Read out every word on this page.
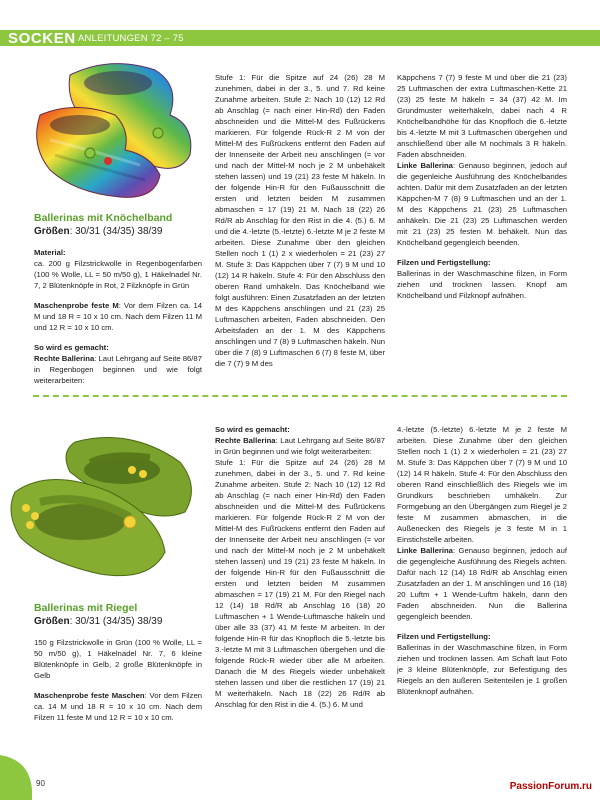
SOCKEN ANLEITUNGEN 72 – 75

Ballerinas mit Knöchelband

Größen: 30/31 (34/35) 38/39

Material:

ca. 200 g Filzstrickwolle in Regenbogenfarben (100 % Wolle, LL = 50 m/50 g), 1 Häkelnadel Nr. 7, 2 Blütenknöpfe in Rot, 2 Filzknöpfe in Grün

Maschenprobe feste M: Vor dem Filzen ca. 14 M und 18 R = 10 x 10 cm. Nach dem Filzen 11 M und 12 R = 10 x 10 cm.

So wird es gemacht:

Rechte Ballerina: Laut Lehrgang auf Seite 86/87 in Regenbogen beginnen und wie folgt weiterarbeiten:

Stufe 1: Für die Spitze auf 24 (26) 28 M zunehmen, dabei in der 3., 5. und 7. Rd keine Zunahme arbeiten. Stufe 2: Nach 10 (12) 12 Rd ab Anschlag (= nach einer Hin-Rd) den Faden abschneiden und die Mittel-M des Fußrückens markieren. Für folgende Rück-R 2 M von der Mittel-M des Fußrückens entfernt den Faden auf der Innenseite der Arbeit neu anschlingen (= vor und nach der Mittel-M noch je 2 M unbehäkelt stehen lassen) und 19 (21) 23 feste M häkeln. In der folgende Hin-R für den Fußausschnitt die ersten und letzten beiden M zusammen abmaschen = 17 (19) 21 M. Nach 18 (22) 26 Rd/R ab Anschlag für den Rist in die 4. (5.) 6. M und die 4.-letzte (5.-letzte) 6.-letzte M je 2 feste M arbeiten. Diese Zunahme über den gleichen Stellen noch 1 (1) 2 x wiederholen = 21 (23) 27 M. Stufe 3: Das Käppchen über 7 (7) 9 M und 10 (12) 14 R häkeln. Stufe 4: Für den Abschluss den oberen Rand umhäkeln. Das Knöchelband wie folgt ausführen: Einen Zusatzfaden an der letzten M des Käppchens anschlingen und 21 (23) 25 Luftmaschen arbeiten, Faden abschneiden. Den Arbeitsfaden an der 1. M des Käppchens anschlingen und 7 (8) 9 Luftmaschen häkeln. Nun über die 7 (8) 9 Luftmaschen 6 (7) 8 feste M, über die 7 (7) 9 M des

Käppchens 7 (7) 9 feste M und über die 21 (23) 25 Luftmaschen der extra Luftmaschen-Kette 21 (23) 25 feste M häkeln = 34 (37) 42 M. Im Grundmuster weiterhäkeln, dabei nach 4 R Knöchelbandhöhe für das Knopfloch die 6.-letzte bis 4.-letzte M mit 3 Luftmaschen übergehen und anschließend über alle M nochmals 3 R häkeln. Faden abschneiden.

Linke Ballerina: Genauso beginnen, jedoch auf die gegenleiche Ausführung des Knöchelbandes achten. Dafür mit dem Zusatzfaden an der letzten Käppchen-M 7 (8) 9 Luftmaschen und an der 1. M des Käppchens 21 (23) 25 Luftmaschen anhäkeln. Die 21 (23) 25 Luftmaschen werden mit 21 (23) 25 festen M behäkelt. Nun das Knöchelband gegengleich beenden.

Filzen und Fertigstellung:

Ballerinas in der Waschmaschine filzen, in Form ziehen und trocknen lassen. Knopf am Knöchelband und Filzknopf aufnähen.

Ballerinas mit Riegel

Größen: 30/31 (34/35) 38/39

150 g Filzstrickwolle in Grün (100 % Wolle, LL = 50 m/50 g), 1 Häkelnadel Nr. 7, 6 kleine Blütenknöpfe in Gelb, 2 große Blütenknöpfe in Gelb

Maschenprobe feste Maschen: Vor dem Filzen ca. 14 M und 18 R = 10 x 10 cm. Nach dem Filzen 11 feste M und 12 R = 10 x 10 cm.

So wird es gemacht:

Rechte Ballerina: Laut Lehrgang auf Seite 86/87 in Grün beginnen und wie folgt weiterarbeiten:

Stufe 1: Für die Spitze auf 24 (26) 28 M zunehmen, dabei in der 3., 5. und 7. Rd keine Zunahme arbeiten. Stufe 2: Nach 10 (12) 12 Rd ab Anschlag (= nach einer Hin-Rd) den Faden abschneiden und die Mittel-M des Fußrückens markieren. Für folgende Rück-R 2 M von der Mittel-M des Fußrückens entfernt den Faden auf der Innenseite der Arbeit neu anschlingen (= vor und nach der Mittel-M noch je 2 M unbehäkelt stehen lassen) und 19 (21) 23 feste M häkeln. In der folgende Hin-R für den Fußausschnitt die ersten und letzten beiden M zusammen abmaschen = 17 (19) 21 M. Für den Riegel nach 12 (14) 18 Rd/R ab Anschlag 16 (18) 20 Luftmaschen + 1 Wende-Luftmasche häkeln und über alle 33 (37) 41 M feste M arbeiten. In der folgende Hin-R für das Knopfloch die 5.-letzte bis 3.-letzte M mit 3 Luftmaschen übergehen und die folgende Rück-R wieder über alle M arbeiten. Danach die M des Riegels wieder unbehäkelt stehen lassen und über die restlichen 17 (19) 21 M weiterhäkeln. Nach 18 (22) 26 Rd/R ab Anschlag für den Rist in die 4. (5.) 6. M und

4.-letzte (5.-letzte) 6.-letzte M je 2 feste M arbeiten. Diese Zunahme über den gleichen Stellen noch 1 (1) 2 x wiederholen = 21 (23) 27 M. Stufe 3: Das Käppchen über 7 (7) 9 M und 10 (12) 14 R häkeln. Stufe 4: Für den Abschluss den oberen Rand einschließlich des Riegels wie im Grundkurs beschrieben umhäkeln. Zur Formgebung an den Übergängen zum Riegel je 2 feste M zusammen abmaschen, in die Außenecken des Riegels je 3 feste M in 1 Einstichstelle arbeiten.

Linke Ballerina: Genauso beginnen, jedoch auf die gegengleiche Ausführung des Riegels achten. Dafür nach 12 (14) 18 Rd/R ab Anschlag einen Zusatzfaden an der 1. M anschlingen und 16 (18) 20 Luftm + 1 Wende-Luftm häkeln, dann den Faden abschneiden. Nun die Ballerina gegengleich beenden.

Filzen und Fertigstellung:

Ballerinas in der Waschmaschine filzen, in Form ziehen und trocknen lassen. Am Schaft laut Foto je 3 kleine Blütenknöpfe, zur Befestigung des Riegels an den äußeren Seitenteilen je 1 großen Blütenknopf aufnähen.

90	PassionForum.ru
